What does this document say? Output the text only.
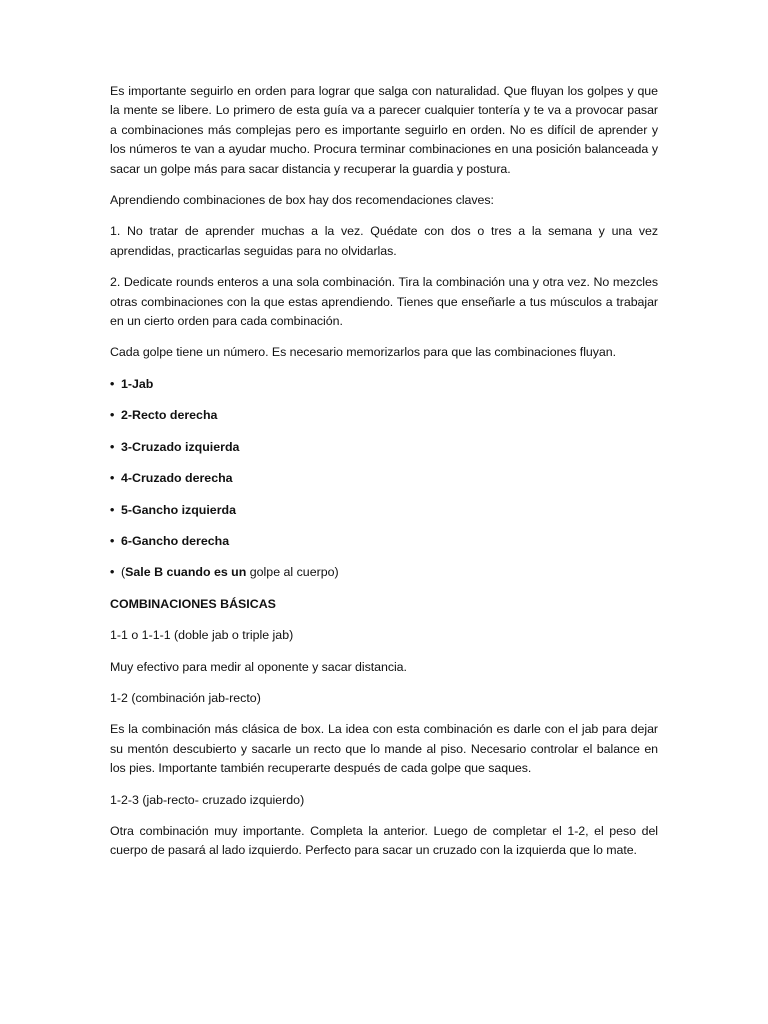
Es importante seguirlo en orden para lograr que salga con naturalidad. Que fluyan los golpes y que la mente se libere. Lo primero de esta guía va a parecer cualquier tontería y te va a provocar pasar a combinaciones más complejas pero es importante seguirlo en orden. No es difícil de aprender y los números te van a ayudar mucho. Procura terminar combinaciones en una posición balanceada y sacar un golpe más para sacar distancia y recuperar la guardia y postura.

Aprendiendo combinaciones de box hay dos recomendaciones claves:

1. No tratar de aprender muchas a la vez. Quédate con dos o tres a la semana y una vez aprendidas, practicarlas seguidas para no olvidarlas.

2. Dedicate rounds enteros a una sola combinación. Tira la combinación una y otra vez. No mezcles otras combinaciones con la que estas aprendiendo. Tienes que enseñarle a tus músculos a trabajar en un cierto orden para cada combinación.

Cada golpe tiene un número. Es necesario memorizarlos para que las combinaciones fluyan.

• 1-Jab

• 2-Recto derecha

• 3-Cruzado izquierda

• 4-Cruzado derecha

• 5-Gancho izquierda

• 6-Gancho derecha

• (Sale B cuando es un golpe al cuerpo)

COMBINACIONES BÁSICAS

1-1 o 1-1-1 (doble jab o triple jab)

Muy efectivo para medir al oponente y sacar distancia.

1-2 (combinación jab-recto)

Es la combinación más clásica de box. La idea con esta combinación es darle con el jab para dejar su mentón descubierto y sacarle un recto que lo mande al piso. Necesario controlar el balance en los pies. Importante también recuperarte después de cada golpe que saques.

1-2-3 (jab-recto- cruzado izquierdo)

Otra combinación muy importante. Completa la anterior. Luego de completar el 1-2, el peso del cuerpo de pasará al lado izquierdo. Perfecto para sacar un cruzado con la izquierda que lo mate.
